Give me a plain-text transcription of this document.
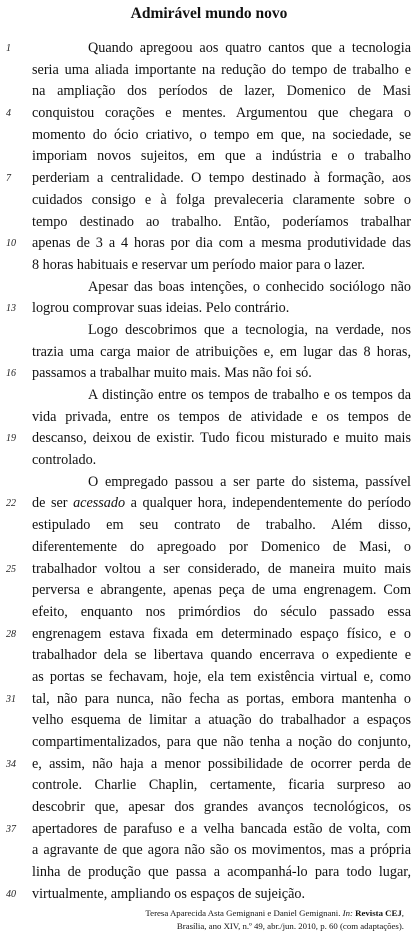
Admirável mundo novo
1	Quando apregoou aos quatro cantos que a tecnologia
seria uma aliada importante na redução do tempo de trabalho e
na ampliação dos períodos de lazer, Domenico de Masi
4	conquistou corações e mentes. Argumentou que chegara o
momento do ócio criativo, o tempo em que, na sociedade, se
imporiam novos sujeitos, em que a indústria e o trabalho
7	perderiam a centralidade. O tempo destinado à formação, aos
cuidados consigo e à folga prevaleceria claramente sobre o
tempo destinado ao trabalho. Então, poderíamos trabalhar
10	apenas de 3 a 4 horas por dia com a mesma produtividade das
8 horas habituais e reservar um período maior para o lazer.
Apesar das boas intenções, o conhecido sociólogo não
13	logrou comprovar suas ideias. Pelo contrário.
Logo descobrimos que a tecnologia, na verdade, nos
trazia uma carga maior de atribuições e, em lugar das 8 horas,
16	passamos a trabalhar muito mais. Mas não foi só.
A distinção entre os tempos de trabalho e os tempos da
vida privada, entre os tempos de atividade e os tempos de
19	descanso, deixou de existir. Tudo ficou misturado e muito mais
controlado.
O empregado passou a ser parte do sistema, passível
22	de ser acessado a qualquer hora, independentemente do período
estipulado em seu contrato de trabalho. Além disso,
diferentemente do apregoado por Domenico de Masi, o
25	trabalhador voltou a ser considerado, de maneira muito mais
perversa e abrangente, apenas peça de uma engrenagem. Com
efeito, enquanto nos primórdios do século passado essa
28	engrenagem estava fixada em determinado espaço físico, e o
trabalhador dela se libertava quando encerrava o expediente e
as portas se fechavam, hoje, ela tem existência virtual e, como
31	tal, não para nunca, não fecha as portas, embora mantenha o
velho esquema de limitar a atuação do trabalhador a espaços
compartimentalizados, para que não tenha a noção do conjunto,
34	e, assim, não haja a menor possibilidade de ocorrer perda de
controle. Charlie Chaplin, certamente, ficaria surpreso ao
descobrir que, apesar dos grandes avanços tecnológicos, os
37	apertadores de parafuso e a velha bancada estão de volta, com
a agravante de que agora não são os movimentos, mas a própria
linha de produção que passa a acompanhá-lo para todo lugar,
40	virtualmente, ampliando os espaços de sujeição.
Teresa Aparecida Asta Gemignani e Daniel Gemignani. In: Revista CEJ,
Brasília, ano XIV, n.º 49, abr./jun. 2010, p. 60 (com adaptações).
